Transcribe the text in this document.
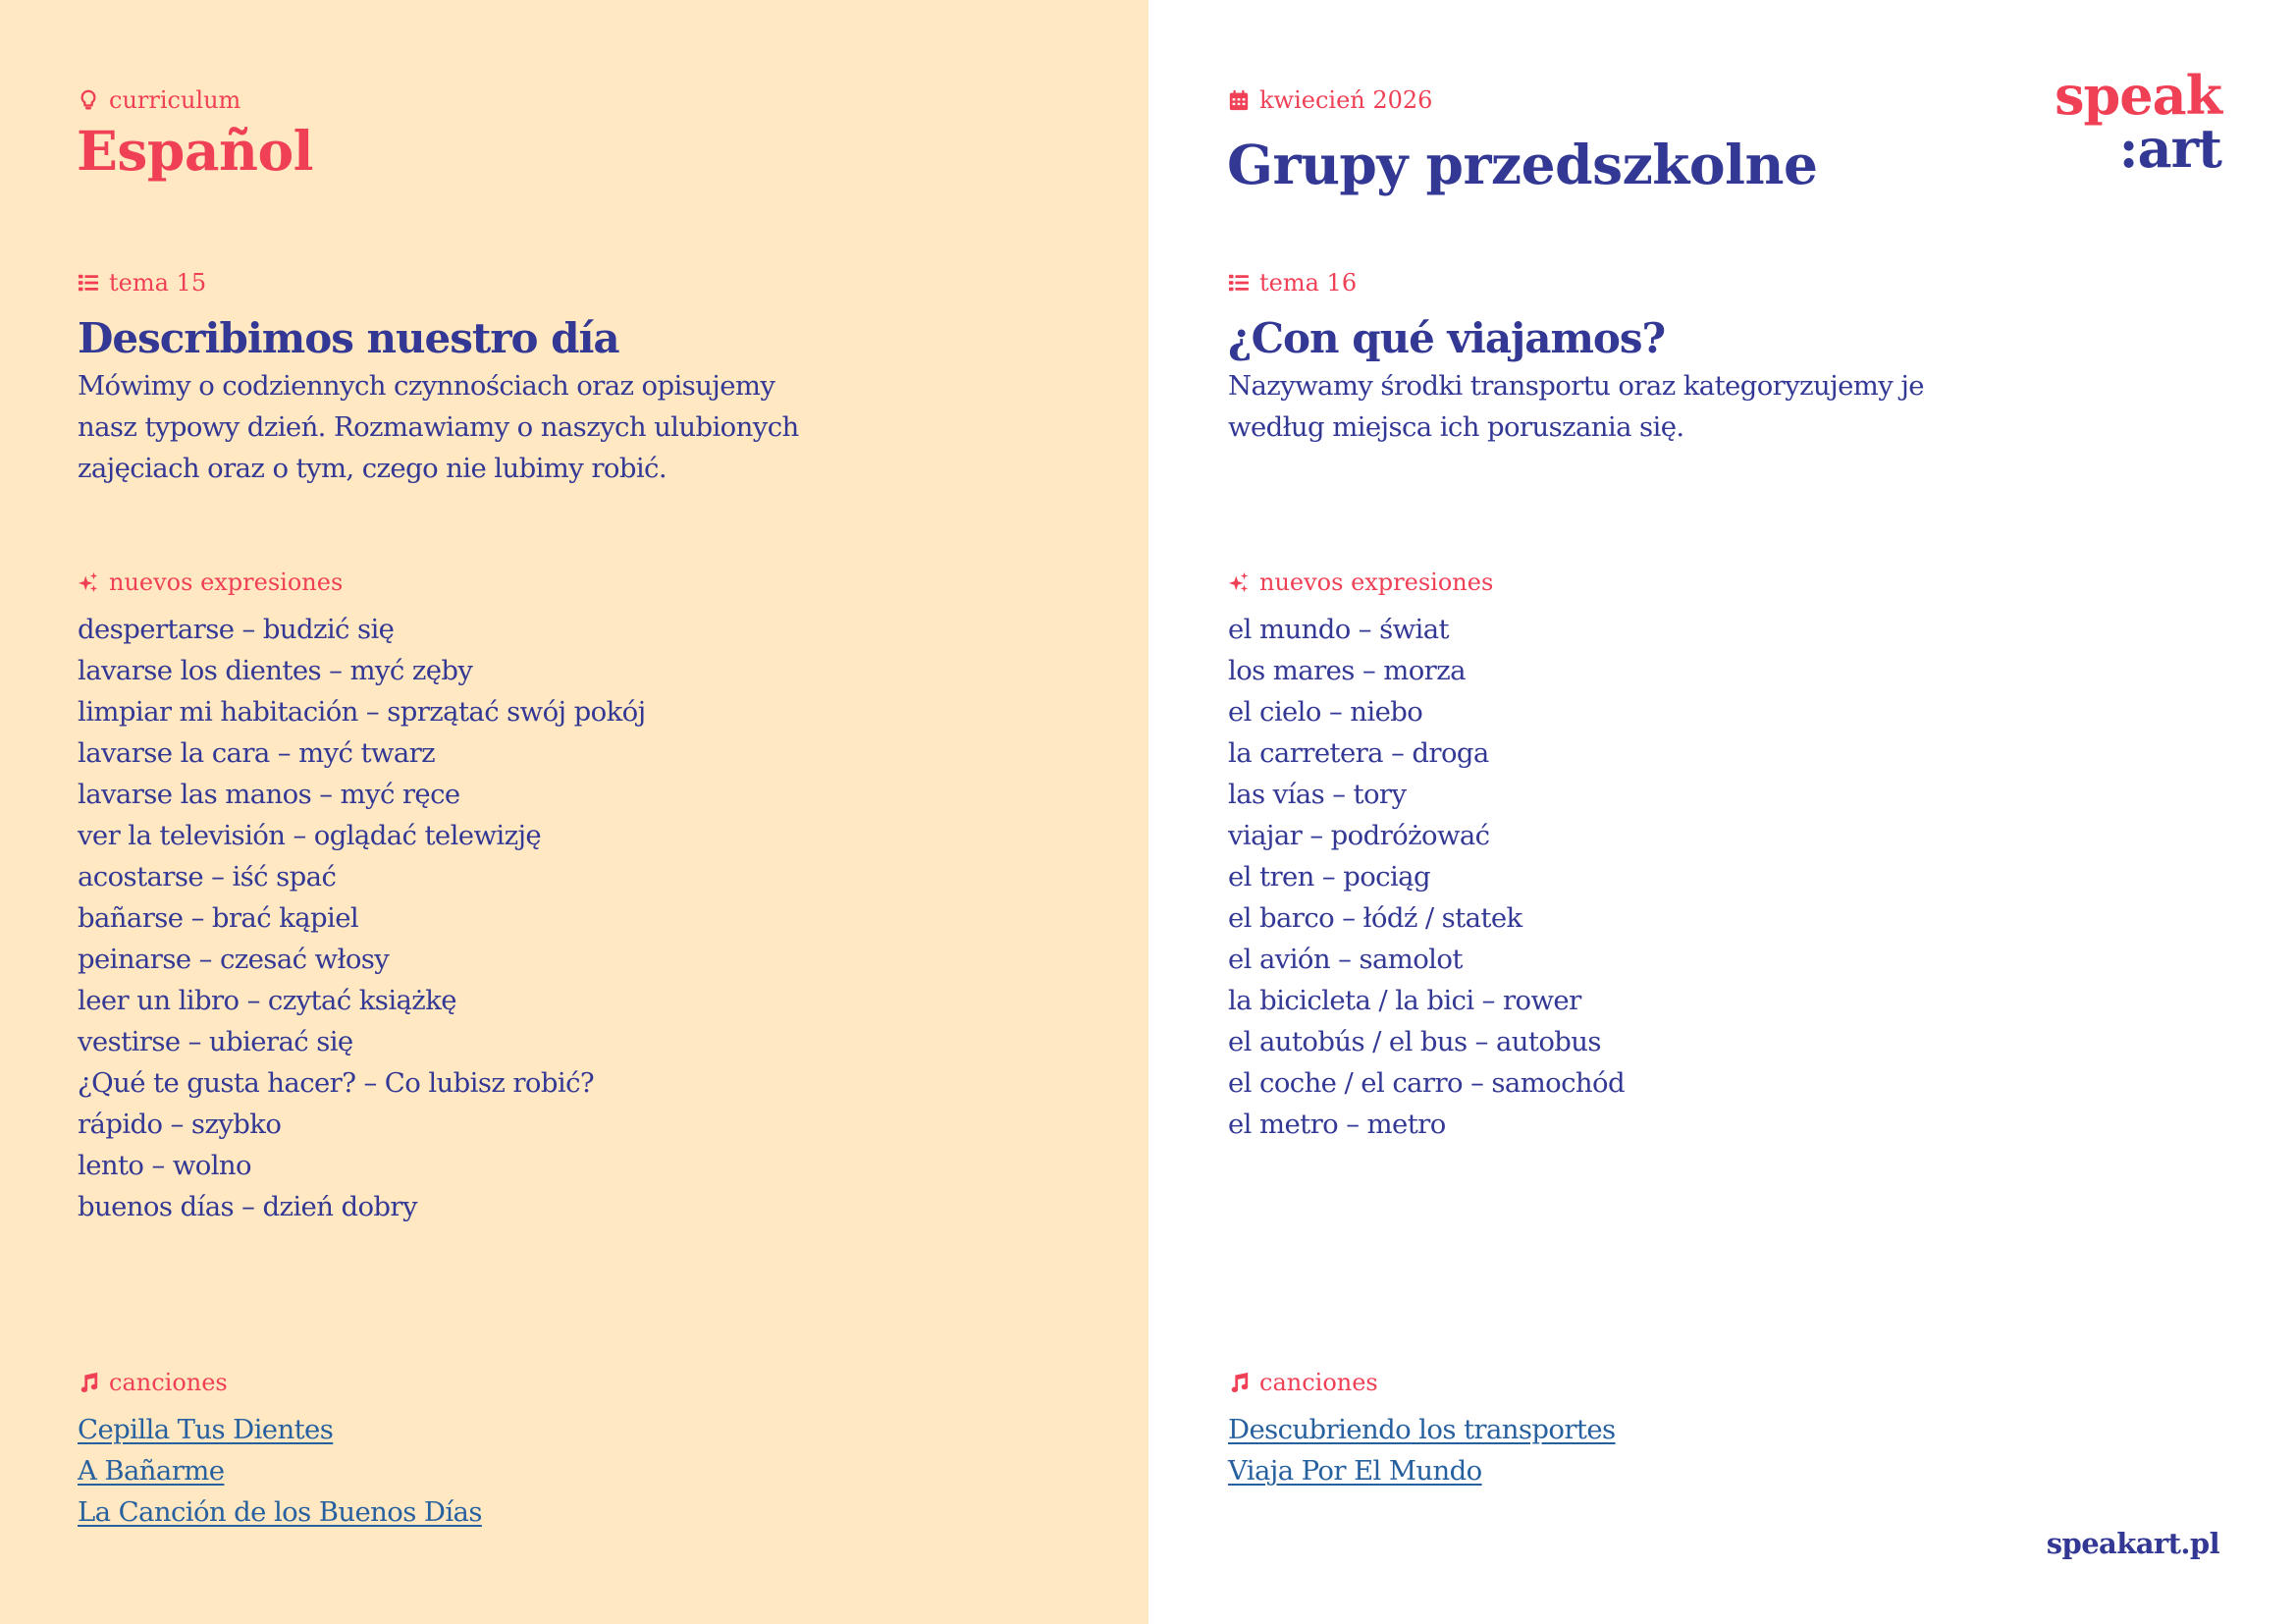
curriculum
Español
tema 15
Describimos nuestro día
Mówimy o codziennych czynnościach oraz opisujemy nasz typowy dzień. Rozmawiamy o naszych ulubionych zajęciach oraz o tym, czego nie lubimy robić.
nuevos expresiones
despertarse – budzić się
lavarse los dientes – myć zęby
limpiar mi habitación – sprzątać swój pokój
lavarse la cara – myć twarz
lavarse las manos – myć ręce
ver la televisión – oglądać telewizję
acostarse – iść spać
bañarse – brać kąpiel
peinarse – czesać włosy
leer un libro – czytać książkę
vestirse – ubierać się
¿Qué te gusta hacer? – Co lubisz robić?
rápido – szybko
lento – wolno
buenos días – dzień dobry
canciones
Cepilla Tus Dientes
A Bañarme
La Canción de los Buenos Días
kwiecień 2026
Grupy przedszkolne
speak
:art
tema 16
¿Con qué viajamos?
Nazywamy środki transportu oraz kategoryzujemy je według miejsca ich poruszania się.
nuevos expresiones
el mundo – świat
los mares – morza
el cielo – niebo
la carretera – droga
las vías – tory
viajar – podróżować
el tren – pociąg
el barco – łódź / statek
el avión – samolot
la bicicleta / la bici – rower
el autobús / el bus – autobus
el coche / el carro – samochód
el metro – metro
canciones
Descubriendo los transportes
Viaja Por El Mundo
speakart.pl
